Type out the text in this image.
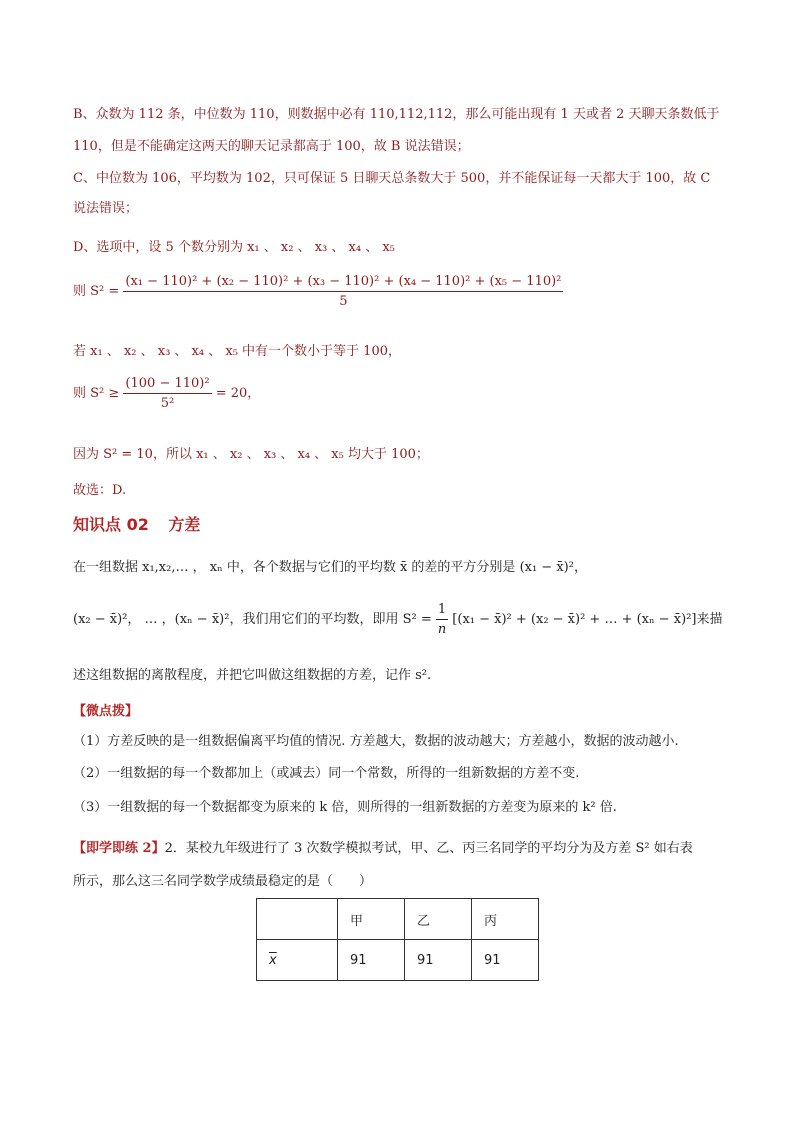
B、众数为 112 条，中位数为 110，则数据中必有 110,112,112，那么可能出现有 1 天或者 2 天聊天条数低于
110，但是不能确定这两天的聊天记录都高于 100，故 B 说法错误；
C、中位数为 106，平均数为 102，只可保证 5 日聊天总条数大于 500，并不能保证每一天都大于 100，故 C
说法错误；
D、选项中，设 5 个数分别为 x₁ 、 x₂ 、 x₃ 、 x₄ 、 x₅
则 S² =
(x₁ − 110)² + (x₂ − 110)² + (x₃ − 110)² + (x₄ − 110)² + (x₅ − 110)²
5
若 x₁ 、 x₂ 、 x₃ 、 x₄ 、 x₅ 中有一个数小于等于 100，
则 $S^2 \ge \frac{\text{(100 − 110)²}}{\text{5²}} = 20$，
因为 S² = 10，所以 x₁ 、 x₂ 、 x₃ 、 x₄ 、 x₅ 均大于 100；
故选：D.
知识点 02 方差
在一组数据 x₁,x₂,… ， xₙ 中，各个数据与它们的平均数 x̄ 的差的平方分别是 (x₁ − x̄)²，
(x₂ − x̄)²， … ，(xₙ − x̄)²，我们用它们的平均数，即用 $S^2 = \frac{1}{n} [(x_1$ − x̄)² + (x₂ − x̄)² + … + (xₙ − x̄)²]来描
述这组数据的离散程度，并把它叫做这组数据的方差，记作 s².
【微点拨】
（1）方差反映的是一组数据偏离平均值的情况. 方差越大，数据的波动越大；方差越小，数据的波动越小.
（2）一组数据的每一个数都加上（或减去）同一个常数，所得的一组新数据的方差不变.
（3）一组数据的每一个数据都变为原来的 k 倍，则所得的一组新数据的方差变为原来的 k² 倍.
【即学即练 2】2．某校九年级进行了 3 次数学模拟考试，甲、乙、丙三名同学的平均分为及方差 S² 如右表
所示，那么这三名同学数学成绩最稳定的是（　　）
	甲	乙	丙
$\overline{x}$	91	91	91
